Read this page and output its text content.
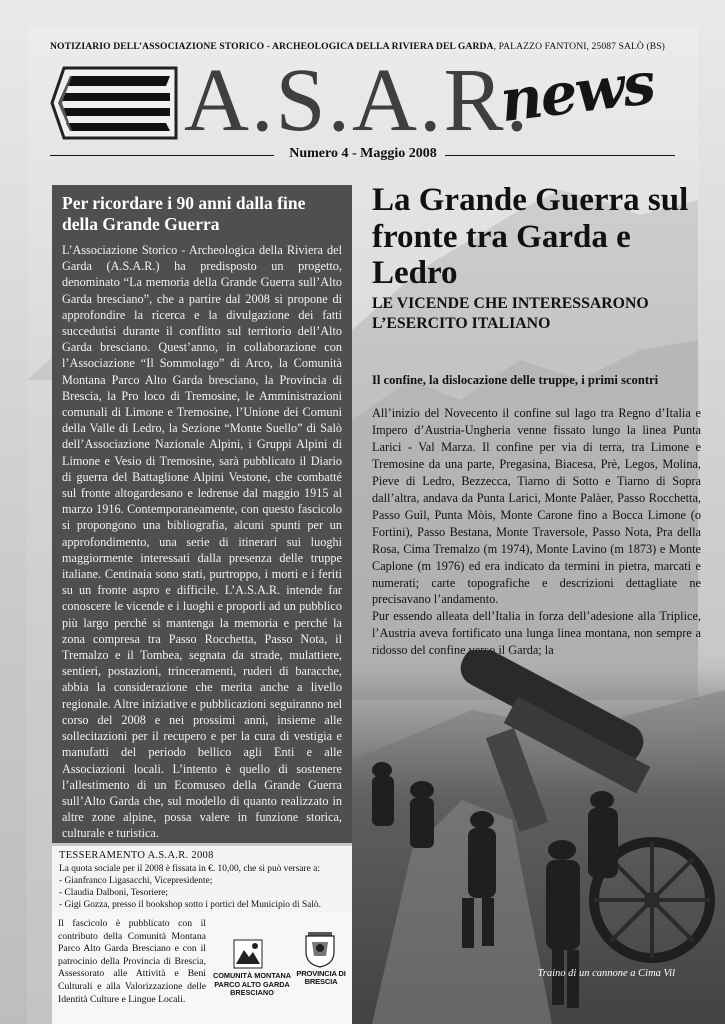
NOTIZIARIO DELL’ASSOCIAZIONE STORICO - ARCHEOLOGICA DELLA RIVIERA DEL GARDA, PALAZZO FANTONI, 25087 SALÒ (BS)
A.S.A.R.
news
Numero 4 - Maggio 2008
Per ricordare i 90 anni dalla fine della Grande Guerra

L’Associazione Storico - Archeologica della Riviera del Garda (A.S.A.R.) ha predisposto un progetto, denominato “La memoria della Grande Guerra sull’Alto Garda bresciano”, che a partire dal 2008 si propone di approfondire la ricerca e la divulgazione dei fatti succedutisi durante il conflitto sul territorio dell’Alto Garda bresciano. Quest’anno, in collaborazione con l’Associazione “Il Sommolago” di Arco, la Comunità Montana Parco Alto Garda bresciano, la Provincia di Brescia, la Pro loco di Tremosine, le Amministrazioni comunali di Limone e Tremosine, l’Unione dei Comuni della Valle di Ledro, la Sezione “Monte Suello” di Salò dell’Associazione Nazionale Alpini, i Gruppi Alpini di Limone e Vesio di Tremosine, sarà pubblicato il Diario di guerra del Battaglione Alpini Vestone, che combatté sul fronte altogardesano e ledrense dal maggio 1915 al marzo 1916. Contemporaneamente, con questo fascicolo si propongono una bibliografia, alcuni spunti per un approfondimento, una serie di itinerari sui luoghi maggiormente interessati dalla presenza delle truppe italiane. Centinaia sono stati, purtroppo, i morti e i feriti su un fronte aspro e difficile. L’A.S.A.R. intende far conoscere le vicende e i luoghi e proporli ad un pubblico più largo perché si mantenga la memoria e perché la zona compresa tra Passo Rocchetta, Passo Nota, il Tremalzo e il Tombea, segnata da strade, mulattiere, sentieri, postazioni, trinceramenti, ruderi di baracche, abbia la considerazione che merita anche a livello regionale. Altre iniziative e pubblicazioni seguiranno nel corso del 2008 e nei prossimi anni, insieme alle sollecitazioni per il recupero e per la cura di vestigia e manufatti del periodo bellico agli Enti e alle Associazioni locali. L’intento è quello di sostenere l’allestimento di un Ecomuseo della Grande Guerra sull’Alto Garda che, sul modello di quanto realizzato in altre zone alpine, possa valere in funzione storica, culturale e turistica.

TESSERAMENTO A.S.A.R. 2008
La quota sociale per il 2008 è fissata in €. 10,00, che si può versare a:
- Gianfranco Ligasacchi, Vicepresidente;
- Claudia Dalboni, Tesoriere;
- Gigi Gozza, presso il bookshop sotto i portici del Municipio di Salò.
Il fascicolo è pubblicato con il contributo della Comunità Montana Parco Alto Garda Bresciano e con il patrocinio della Provincia di Brescia, Assessorato alle Attività e Beni Culturali e alla Valorizzazione delle Identità Culture e Lingue Locali.
COMUNITÀ MONTANA PARCO ALTO GARDA BRESCIANO
PROVINCIA DI BRESCIA
La Grande Guerra sul fronte tra Garda e Ledro
LE VICENDE CHE INTERESSARONO L’ESERCITO ITALIANO
Il confine, la dislocazione delle truppe, i primi scontri

All’inizio del Novecento il confine sul lago tra Regno d’Italia e Impero d’Austria-Ungheria venne fissato lungo la linea Punta Larici - Val Marza. Il confine per via di terra, tra Limone e Tremosine da una parte, Pregasina, Biacesa, Prè, Legos, Molina, Pieve di Ledro, Bezzecca, Tiarno di Sotto e Tiarno di Sopra dall’altra, andava da Punta Larici, Monte Palàer, Passo Rocchetta, Passo Guìl, Punta Mòis, Monte Carone fino a Bocca Limone (o Fortini), Passo Bestana, Monte Traversole, Passo Nota, Pra della Rosa, Cima Tremalzo (m 1974), Monte Lavino (m 1873) e Monte Caplone (m 1976) ed era indicato da termini in pietra, marcati e numerati; carte topografiche e descrizioni dettagliate ne precisavano l’andamento.

Pur essendo alleata dell’Italia in forza dell’adesione alla Triplice, l’Austria aveva fortificato una lunga linea montana, non sempre a

Traino di un cannone a Cima Vil
